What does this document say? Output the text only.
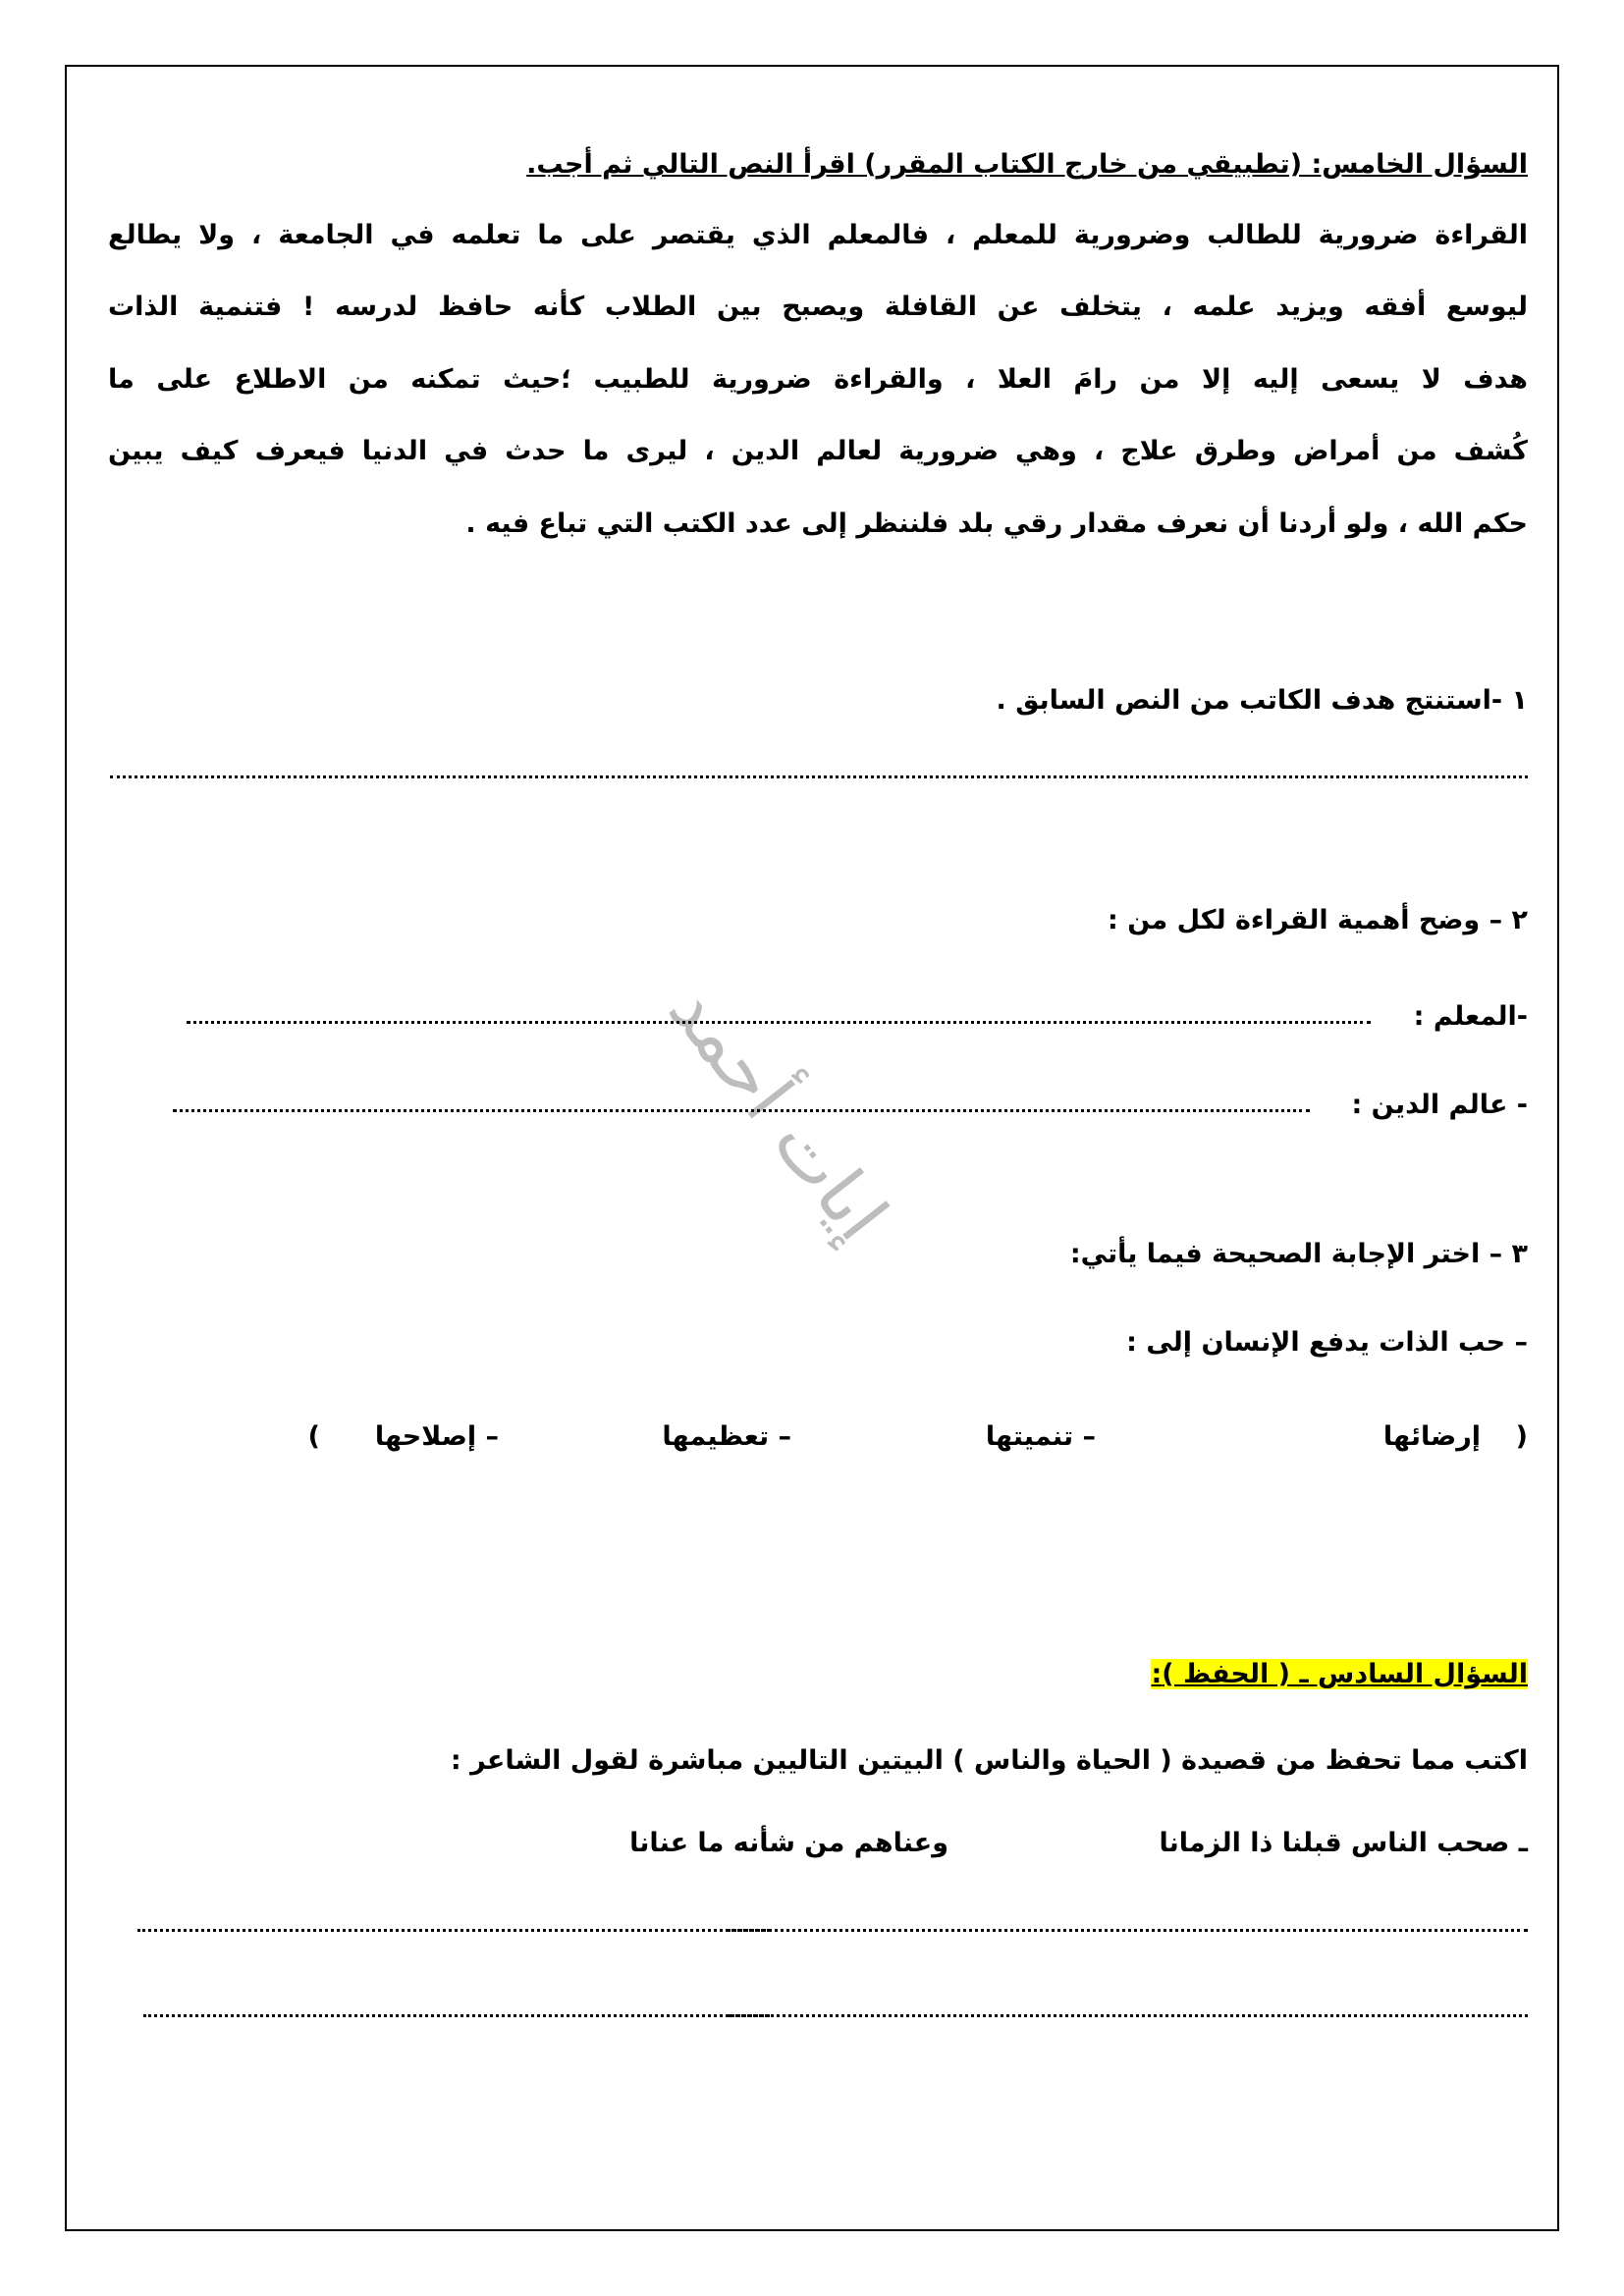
إيات أحمد
السؤال الخامس: (تطبيقي من خارج الكتاب المقرر) اقرأ النص التالي ثم أجب.
القراءة ضرورية للطالب وضرورية للمعلم ، فالمعلم الذي يقتصر على ما تعلمه في الجامعة ، ولا يطالع
ليوسع أفقه ويزيد علمه ، يتخلف عن القافلة ويصبح بين الطلاب كأنه حافظ لدرسه ! فتنمية الذات
هدف لا يسعى إليه إلا من رامَ العلا ، والقراءة ضرورية للطبيب ؛حيث تمكنه من الاطلاع على ما
كُشف من أمراض وطرق علاج ، وهي ضرورية لعالم الدين ، ليرى ما حدث في الدنيا فيعرف كيف يبين
حكم الله ، ولو أردنا أن نعرف مقدار رقي بلد فلننظر إلى عدد الكتب التي تباع فيه .
١ -استنتج هدف الكاتب من النص السابق .
٢ – وضح أهمية القراءة لكل من :
-المعلم :
- عالم الدين :
٣ – اختر الإجابة الصحيحة فيما يأتي:
– حب الذات يدفع الإنسان إلى :
(
إرضائها
– تنميتها
– تعظيمها
– إصلاحها
)
السؤال السادس ـ ( الحفظ ):
اكتب مما تحفظ من قصيدة ( الحياة والناس ) البيتين التاليين مباشرة لقول الشاعر :
ـ صحب الناس قبلنا ذا الزمانا
وعناهم من شأنه ما عنانا
